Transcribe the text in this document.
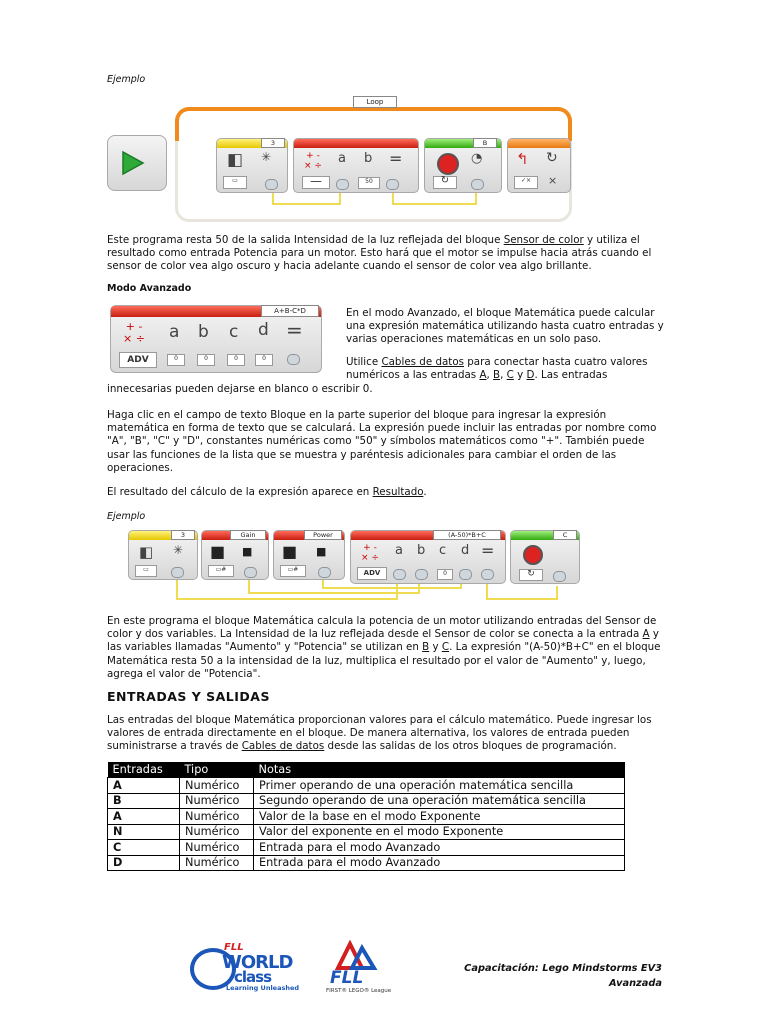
Ejemplo
Loop
3
◧ ✳
▭
+ -
× ÷ a b =
—	50
B
◔
↻
↰ ↻
✓×	×

Este programa resta 50 de la salida Intensidad de la luz reflejada del bloque Sensor de color y utiliza el resultado como entrada Potencia para un motor. Esto hará que el motor se impulse hacia atrás cuando el sensor de color vea algo oscuro y hacia adelante cuando el sensor de color vea algo brillante.

Modo Avanzado
A+B-C*D
+ -
× ÷ a b c d =
ADV	0	0	0	0

En el modo Avanzado, el bloque Matemática puede calcular una expresión matemática utilizando hasta cuatro entradas y varias operaciones matemáticas en un solo paso.

Utilice Cables de datos para conectar hasta cuatro valores numéricos a las entradas A, B, C y D. Las entradas

innecesarias pueden dejarse en blanco o escribir 0.

Haga clic en el campo de texto Bloque en la parte superior del bloque para ingresar la expresión matemática en forma de texto que se calculará. La expresión puede incluir las entradas por nombre como "A", "B", "C" y "D", constantes numéricas como "50" y símbolos matemáticos como "+". También puede usar las funciones de la lista que se muestra y paréntesis adicionales para cambiar el orden de las operaciones.

El resultado del cálculo de la expresión aparece en Resultado.

Ejemplo
3
◧ ✳
▭
Gain
■ ■
▭#
Power
■ ■
▭#
(A-50)*B+C
+ -
× ÷ a b c d =
ADV	0
C
↻

En este programa el bloque Matemática calcula la potencia de un motor utilizando entradas del Sensor de color y dos variables. La Intensidad de la luz reflejada desde el Sensor de color se conecta a la entrada A y las variables llamadas "Aumento" y "Potencia" se utilizan en B y C. La expresión "(A-50)*B+C" en el bloque Matemática resta 50 a la intensidad de la luz, multiplica el resultado por el valor de "Aumento" y, luego, agrega el valor de "Potencia".

ENTRADAS Y SALIDAS

Las entradas del bloque Matemática proporcionan valores para el cálculo matemático. Puede ingresar los valores de entrada directamente en el bloque. De manera alternativa, los valores de entrada pueden suministrarse a través de Cables de datos desde las salidas de los otros bloques de programación.

Entradas	Tipo	Notas
A	Numérico	Primer operando de una operación matemática sencilla
B	Numérico	Segundo operando de una operación matemática sencilla
A	Numérico	Valor de la base en el modo Exponente
N	Numérico	Valor del exponente en el modo Exponente
C	Numérico	Entrada para el modo Avanzado
D	Numérico	Entrada para el modo Avanzado
FLL
WORLD
class
Learning Unleashed FLL
FIRST® LEGO® League
Capacitación: Lego Mindstorms EV3
Avanzada
